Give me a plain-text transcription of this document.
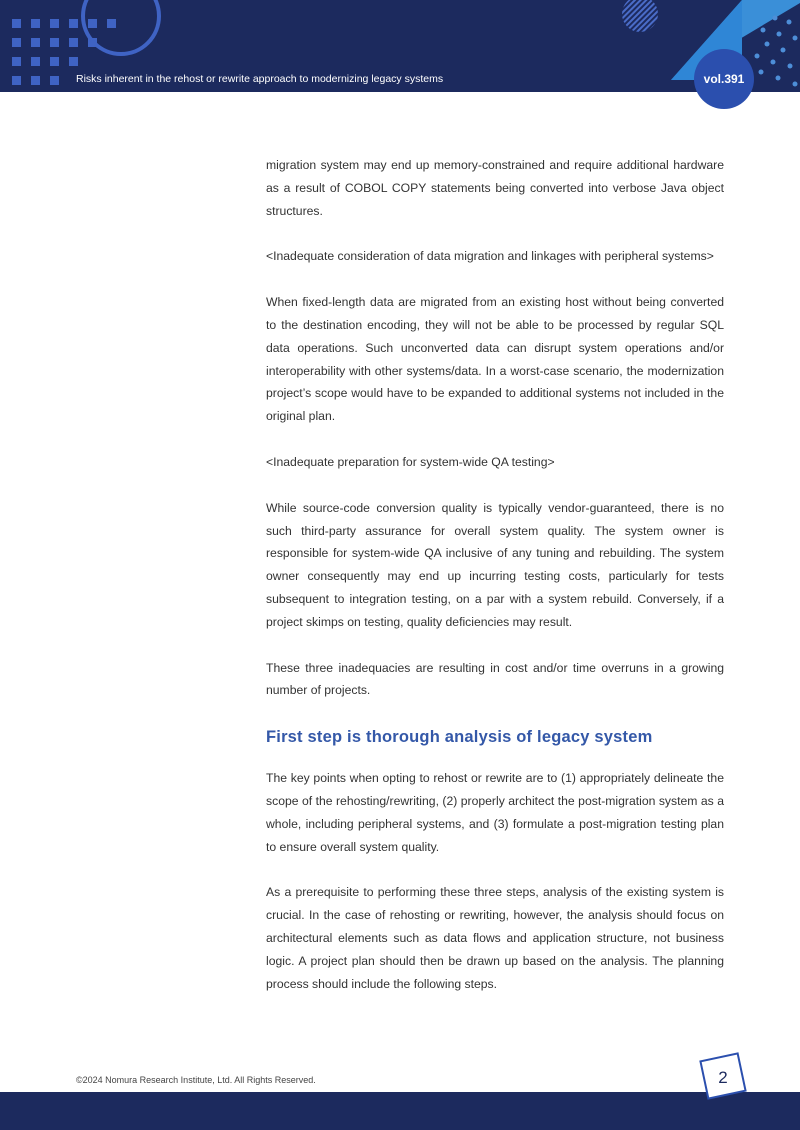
Risks inherent in the rehost or rewrite approach to modernizing legacy systems	vol.391

migration system may end up memory-constrained and require additional hardware as a result of COBOL COPY statements being converted into verbose Java object structures.

<Inadequate consideration of data migration and linkages with peripheral systems>

When fixed-length data are migrated from an existing host without being converted to the destination encoding, they will not be able to be processed by regular SQL data operations. Such unconverted data can disrupt system operations and/or interoperability with other systems/data. In a worst-case scenario, the modernization project’s scope would have to be expanded to additional systems not included in the original plan.

<Inadequate preparation for system-wide QA testing>

While source-code conversion quality is typically vendor-guaranteed, there is no such third-party assurance for overall system quality. The system owner is responsible for system-wide QA inclusive of any tuning and rebuilding. The system owner consequently may end up incurring testing costs, particularly for tests subsequent to integration testing, on a par with a system rebuild. Conversely, if a project skimps on testing, quality deficiencies may result.

These three inadequacies are resulting in cost and/or time overruns in a growing number of projects.

First step is thorough analysis of legacy system

The key points when opting to rehost or rewrite are to (1) appropriately delineate the scope of the rehosting/rewriting, (2) properly architect the post-migration system as a whole, including peripheral systems, and (3) formulate a post-migration testing plan to ensure overall system quality.

As a prerequisite to performing these three steps, analysis of the existing system is crucial. In the case of rehosting or rewriting, however, the analysis should focus on architectural elements such as data flows and application structure, not business logic. A project plan should then be drawn up based on the analysis. The planning process should include the following steps.

©2024 Nomura Research Institute, Ltd. All Rights Reserved.	2
